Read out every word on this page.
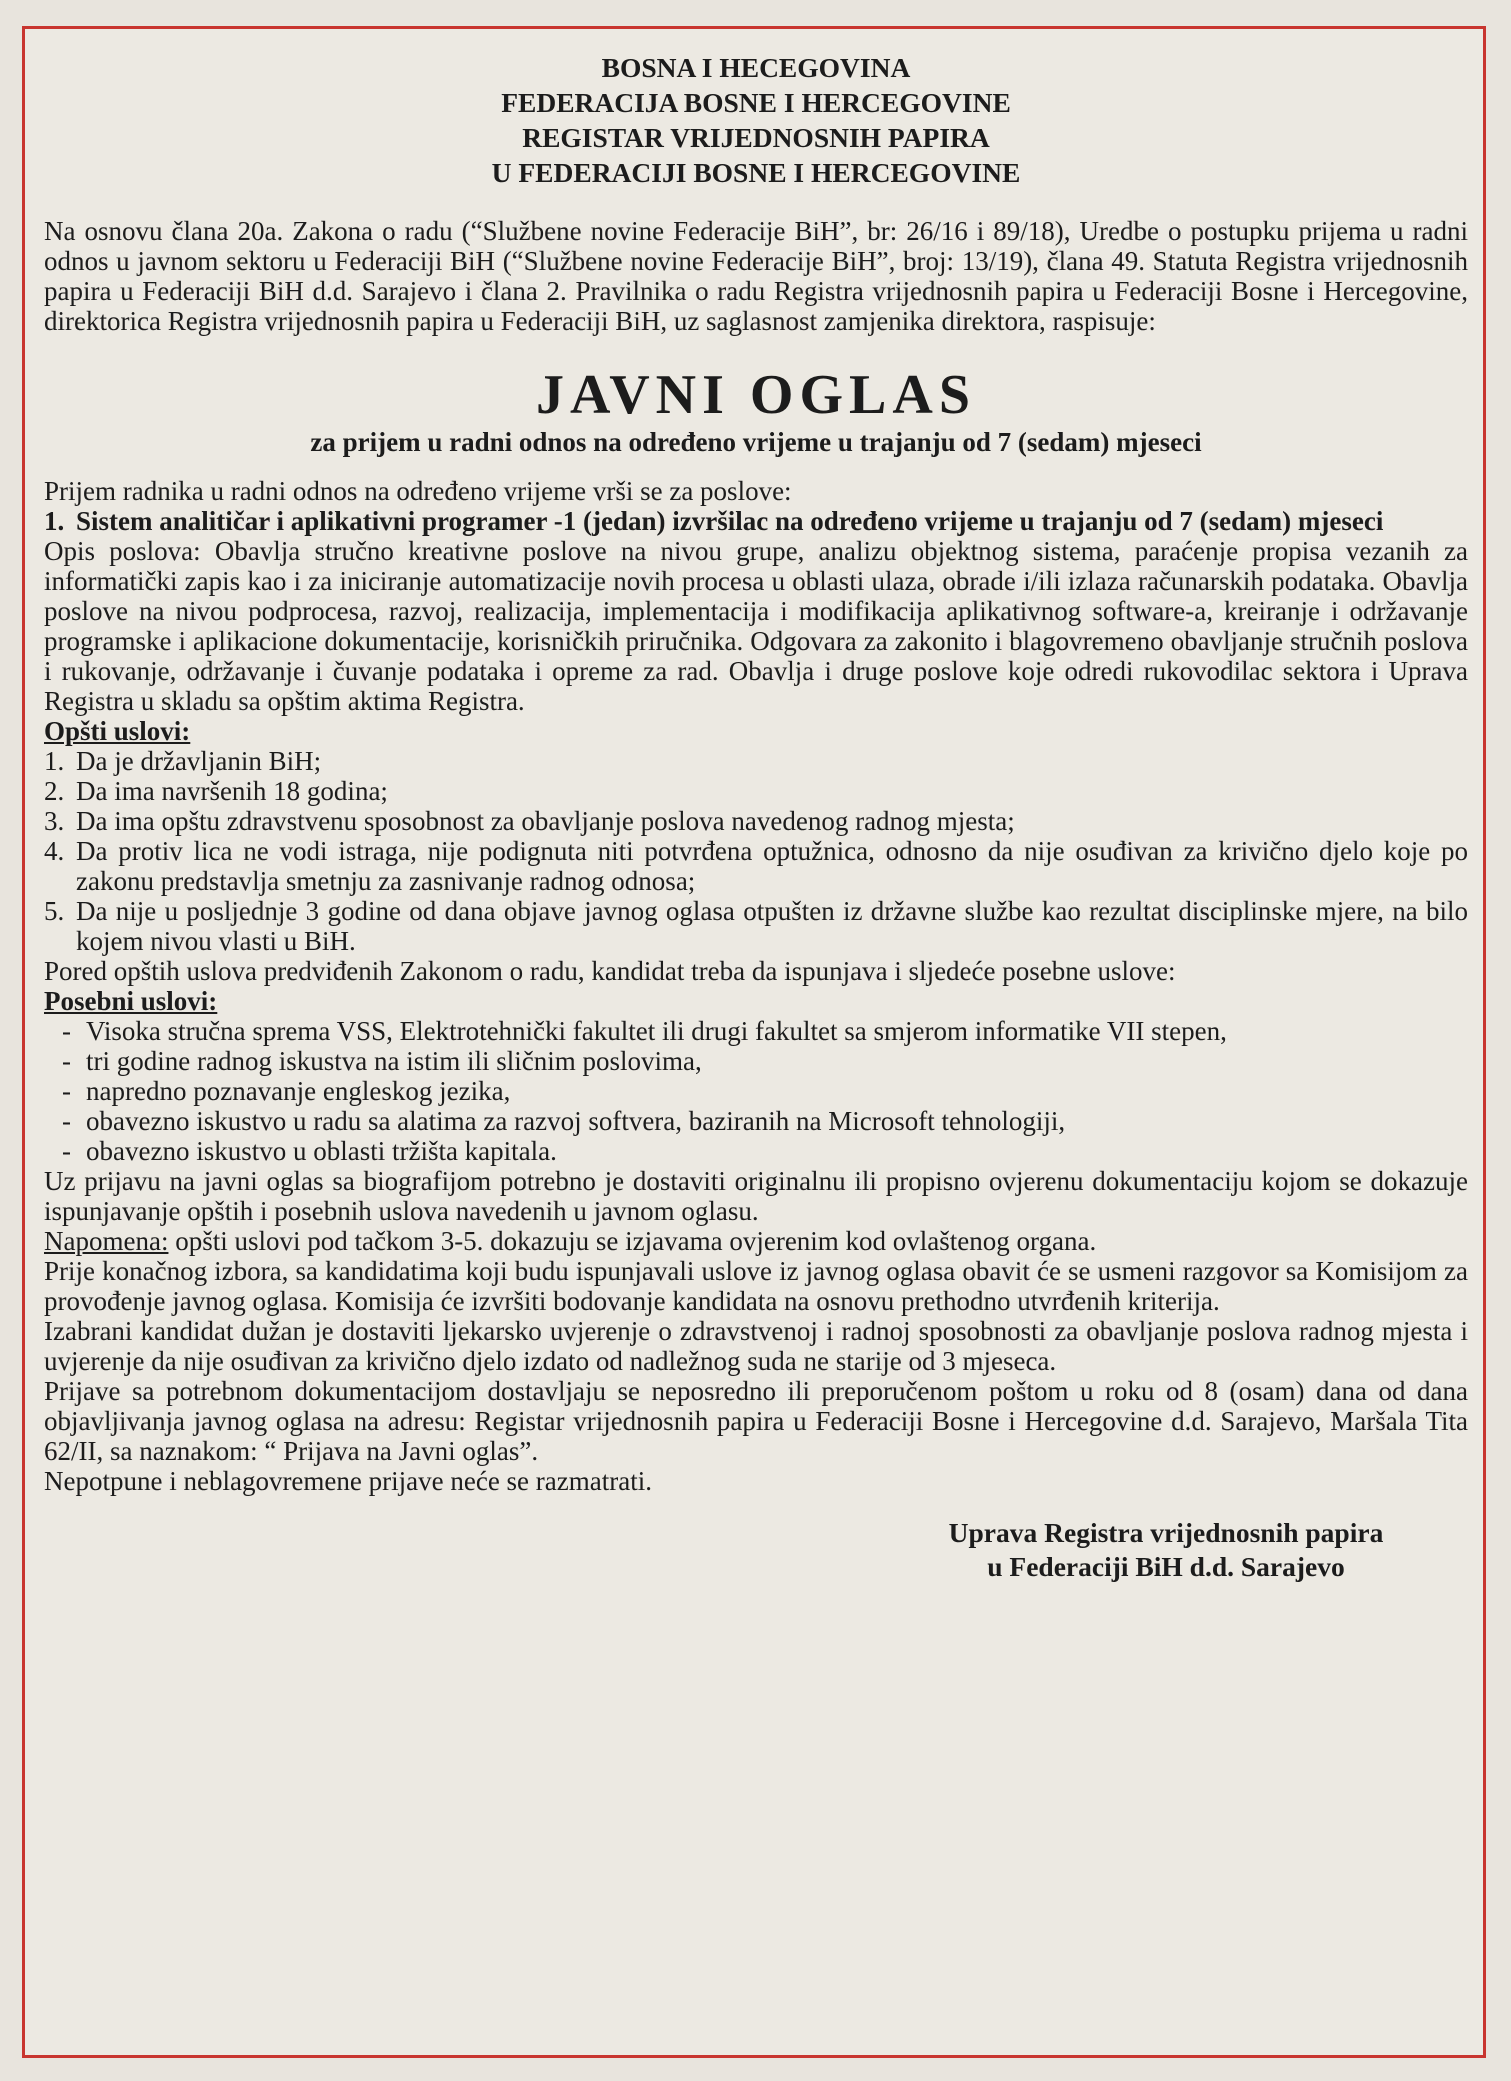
BOSNA I HECEGOVINA
FEDERACIJA BOSNE I HERCEGOVINE
REGISTAR VRIJEDNOSNIH PAPIRA
U FEDERACIJI BOSNE I HERCEGOVINE
Na osnovu člana 20a. Zakona o radu (“Službene novine Federacije BiH”, br: 26/16 i 89/18), Uredbe o postupku prijema u radni odnos u javnom sektoru u Federaciji BiH (“Službene novine Federacije BiH”, broj: 13/19), člana 49. Statuta Registra vrijednosnih papira u Federaciji BiH d.d. Sarajevo i člana 2. Pravilnika o radu Registra vrijednosnih papira u Federaciji Bosne i Hercegovine, direktorica Registra vrijednosnih papira u Federaciji BiH, uz saglasnost zamjenika direktora, raspisuje:
JAVNI OGLAS
za prijem u radni odnos na određeno vrijeme u trajanju od 7 (sedam) mjeseci

Prijem radnika u radni odnos na određeno vrijeme vrši se za poslove:

1. Sistem analitičar i aplikativni programer -1 (jedan) izvršilac na određeno vrijeme u trajanju od 7 (sedam) mjeseci

Opis poslova: Obavlja stručno kreativne poslove na nivou grupe, analizu objektnog sistema, paraćenje propisa vezanih za informatički zapis kao i za iniciranje automatizacije novih procesa u oblasti ulaza, obrade i/ili izlaza računarskih podataka. Obavlja poslove na nivou podprocesa, razvoj, realizacija, implementacija i modifikacija aplikativnog software-a, kreiranje i održavanje programske i aplikacione dokumentacije, korisničkih priručnika. Odgovara za zakonito i blagovremeno obavljanje stručnih poslova i rukovanje, održavanje i čuvanje podataka i opreme za rad. Obavlja i druge poslove koje odredi rukovodilac sektora i Uprava Registra u skladu sa opštim aktima Registra.

Opšti uslovi:
1. Da je državljanin BiH;
2. Da ima navršenih 18 godina;
3. Da ima opštu zdravstvenu sposobnost za obavljanje poslova navedenog radnog mjesta;
4. Da protiv lica ne vodi istraga, nije podignuta niti potvrđena optužnica, odnosno da nije osuđivan za krivično djelo koje po zakonu predstavlja smetnju za zasnivanje radnog odnosa;
5. Da nije u posljednje 3 godine od dana objave javnog oglasa otpušten iz državne službe kao rezultat disciplinske mjere, na bilo kojem nivou vlasti u BiH.

Pored opštih uslova predviđenih Zakonom o radu, kandidat treba da ispunjava i sljedeće posebne uslove:

Posebni uslovi:
- Visoka stručna sprema VSS, Elektrotehnički fakultet ili drugi fakultet sa smjerom informatike VII stepen,
- tri godine radnog iskustva na istim ili sličnim poslovima,
- napredno poznavanje engleskog jezika,
- obavezno iskustvo u radu sa alatima za razvoj softvera, baziranih na Microsoft tehnologiji,
- obavezno iskustvo u oblasti tržišta kapitala.

Uz prijavu na javni oglas sa biografijom potrebno je dostaviti originalnu ili propisno ovjerenu dokumentaciju kojom se dokazuje ispunjavanje opštih i posebnih uslova navedenih u javnom oglasu.

Napomena: opšti uslovi pod tačkom 3-5. dokazuju se izjavama ovjerenim kod ovlaštenog organa.

Prije konačnog izbora, sa kandidatima koji budu ispunjavali uslove iz javnog oglasa obavit će se usmeni razgovor sa Komisijom za provođenje javnog oglasa. Komisija će izvršiti bodovanje kandidata na osnovu prethodno utvrđenih kriterija.

Izabrani kandidat dužan je dostaviti ljekarsko uvjerenje o zdravstvenoj i radnoj sposobnosti za obavljanje poslova radnog mjesta i uvjerenje da nije osuđivan za krivično djelo izdato od nadležnog suda ne starije od 3 mjeseca.

Prijave sa potrebnom dokumentacijom dostavljaju se neposredno ili preporučenom poštom u roku od 8 (osam) dana od dana objavljivanja javnog oglasa na adresu: Registar vrijednosnih papira u Federaciji Bosne i Hercegovine d.d. Sarajevo, Maršala Tita 62/II, sa naznakom: “ Prijava na Javni oglas”.

Nepotpune i neblagovremene prijave neće se razmatrati.

Uprava Registra vrijednosnih papira
u Federaciji BiH d.d. Sarajevo
